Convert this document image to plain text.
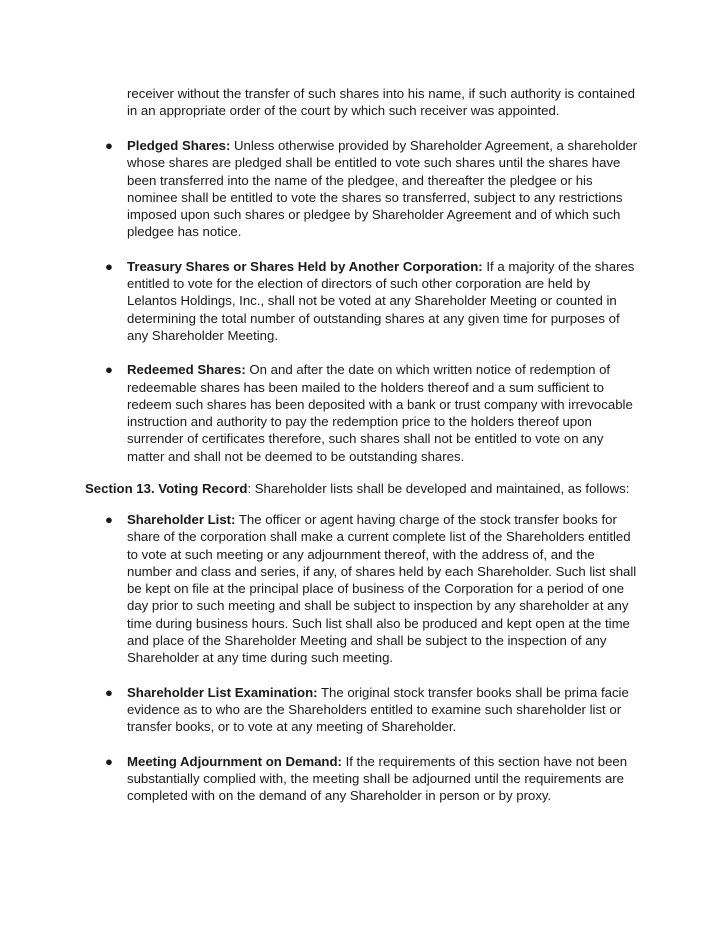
receiver without the transfer of such shares into his name, if such authority is contained in an appropriate order of the court by which such receiver was appointed.

● Pledged Shares: Unless otherwise provided by Shareholder Agreement, a shareholder whose shares are pledged shall be entitled to vote such shares until the shares have been transferred into the name of the pledgee, and thereafter the pledgee or his nominee shall be entitled to vote the shares so transferred, subject to any restrictions imposed upon such shares or pledgee by Shareholder Agreement and of which such pledgee has notice.
● Treasury Shares or Shares Held by Another Corporation: If a majority of the shares entitled to vote for the election of directors of such other corporation are held by Lelantos Holdings, Inc., shall not be voted at any Shareholder Meeting or counted in determining the total number of outstanding shares at any given time for purposes of any Shareholder Meeting.
● Redeemed Shares: On and after the date on which written notice of redemption of redeemable shares has been mailed to the holders thereof and a sum sufficient to redeem such shares has been deposited with a bank or trust company with irrevocable instruction and authority to pay the redemption price to the holders thereof upon surrender of certificates therefore, such shares shall not be entitled to vote on any matter and shall not be deemed to be outstanding shares.

Section 13. Voting Record: Shareholder lists shall be developed and maintained, as follows:

● Shareholder List: The officer or agent having charge of the stock transfer books for share of the corporation shall make a current complete list of the Shareholders entitled to vote at such meeting or any adjournment thereof, with the address of, and the number and class and series, if any, of shares held by each Shareholder. Such list shall be kept on file at the principal place of business of the Corporation for a period of one day prior to such meeting and shall be subject to inspection by any shareholder at any time during business hours. Such list shall also be produced and kept open at the time and place of the Shareholder Meeting and shall be subject to the inspection of any Shareholder at any time during such meeting.
● Shareholder List Examination: The original stock transfer books shall be prima facie evidence as to who are the Shareholders entitled to examine such shareholder list or transfer books, or to vote at any meeting of Shareholder.
● Meeting Adjournment on Demand: If the requirements of this section have not been substantially complied with, the meeting shall be adjourned until the requirements are completed with on the demand of any Shareholder in person or by proxy.
